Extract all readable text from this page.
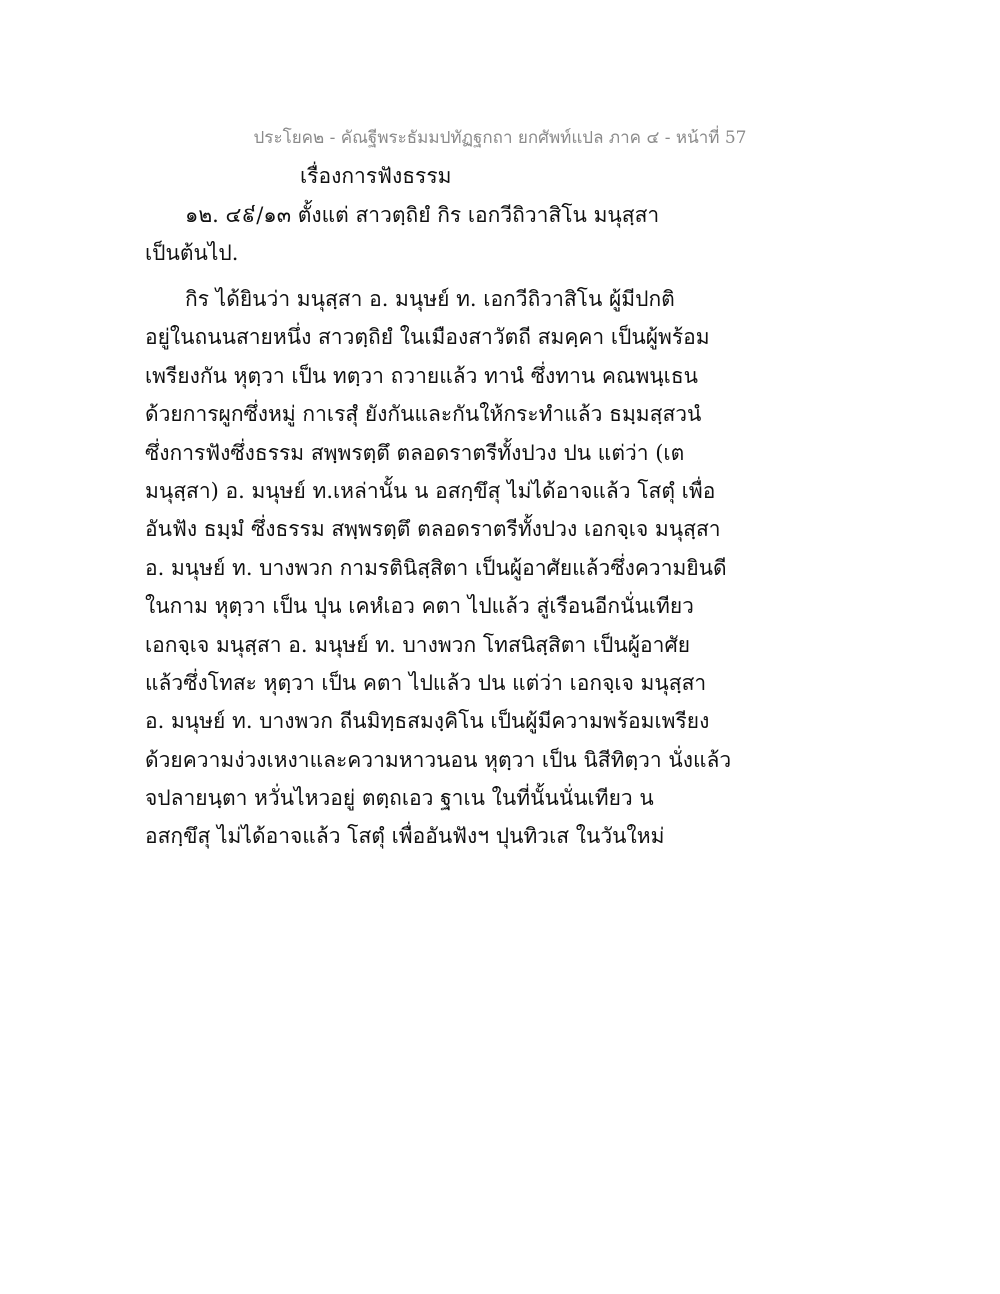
ประโยค๒ - คัณฐีพระธัมมปทัฏฐกถา ยกศัพท์แปล ภาค ๔ - หน้าที่ 57
เรื่องการฟังธรรม
๑๒. ๔៩/๑๓ ตั้งแต่ สาวตฺถิยํ กิร เอกวีถิวาสิโน มนุสฺสา
เป็นต้นไป.
กิร ได้ยินว่า มนุสฺสา อ. มนุษย์ ท. เอกวีถิวาสิโน ผู้มีปกติ
อยู่ในถนนสายหนึ่ง สาวตฺถิยํ ในเมืองสาวัตถี สมคฺคา เป็นผู้พร้อม
เพรียงกัน หุตฺวา เป็น ทตฺวา ถวายแล้ว ทานํ ซึ่งทาน คณพนฺเธน
ด้วยการผูกซึ่งหมู่ กาเรสุํ ยังกันและกันให้กระทำแล้ว ธมฺมสฺสวนํ
ซึ่งการฟังซึ่งธรรม สพฺพรตฺตึ ตลอดราตรีทั้งปวง ปน แต่ว่า (เต
มนุสฺสา) อ. มนุษย์ ท.เหล่านั้น น อสกฺขึสุ ไม่ได้อาจแล้ว โสตุํ เพื่อ
อันฟัง ธมฺมํ ซึ่งธรรม สพฺพรตฺตึ ตลอดราตรีทั้งปวง เอกจฺเจ มนุสฺสา
อ. มนุษย์ ท. บางพวก กามรตินิสฺสิตา เป็นผู้อาศัยแล้วซึ่งความยินดี
ในกาม หุตฺวา เป็น ปุน เคหํเอว คตา ไปแล้ว สู่เรือนอีกนั่นเทียว
เอกจฺเจ มนุสฺสา อ. มนุษย์ ท. บางพวก โทสนิสฺสิตา เป็นผู้อาศัย
แล้วซึ่งโทสะ หุตฺวา เป็น คตา ไปแล้ว ปน แต่ว่า เอกจฺเจ มนุสฺสา
อ. มนุษย์ ท. บางพวก ถีนมิทฺธสมงฺคิโน เป็นผู้มีความพร้อมเพรียง
ด้วยความง่วงเหงาและความหาวนอน หุตฺวา เป็น นิสีทิตฺวา นั่งแล้ว
จปลายนฺตา หวั่นไหวอยู่ ตตฺถเอว ฐาเน ในที่นั้นนั่นเทียว น
อสกฺขึสุ ไม่ได้อาจแล้ว โสตุํ เพื่ออันฟังฯ ปุนทิวเส ในวันใหม่
